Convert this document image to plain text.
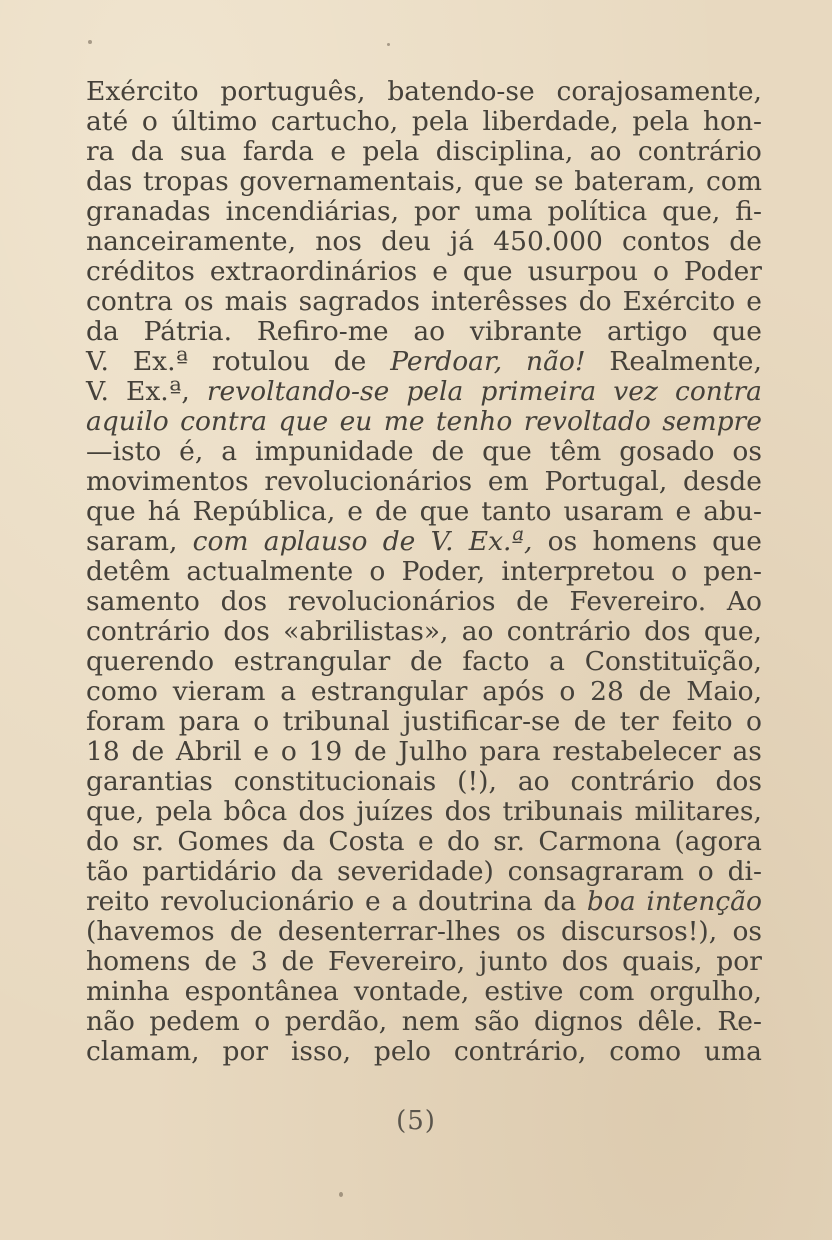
Exército português, batendo-se corajosamente,
até o último cartucho, pela liberdade, pela hon-
ra da sua farda e pela disciplina, ao contrário
das tropas governamentais, que se bateram, com
granadas incendiárias, por uma política que, fi-
nanceiramente, nos deu já 450.000 contos de
créditos extraordinários e que usurpou o Poder
contra os mais sagrados interêsses do Exército e
da Pátria. Refiro-me ao vibrante artigo que
V. Ex.ª rotulou de Perdoar, não! Realmente,
V. Ex.ª, revoltando-se pela primeira vez contra
aquilo contra que eu me tenho revoltado sempre
—isto é, a impunidade de que têm gosado os
movimentos revolucionários em Portugal, desde
que há República, e de que tanto usaram e abu-
saram, com aplauso de V. Ex.ª, os homens que
detêm actualmente o Poder, interpretou o pen-
samento dos revolucionários de Fevereiro. Ao
contrário dos «abrilistas», ao contrário dos que,
querendo estrangular de facto a Constituïção,
como vieram a estrangular após o 28 de Maio,
foram para o tribunal justificar-se de ter feito o
18 de Abril e o 19 de Julho para restabelecer as
garantias constitucionais (!), ao contrário dos
que, pela bôca dos juízes dos tribunais militares,
do sr. Gomes da Costa e do sr. Carmona (agora
tão partidário da severidade) consagraram o di-
reito revolucionário e a doutrina da boa intenção
(havemos de desenterrar-lhes os discursos!), os
homens de 3 de Fevereiro, junto dos quais, por
minha espontânea vontade, estive com orgulho,
não pedem o perdão, nem são dignos dêle. Re-
clamam, por isso, pelo contrário, como uma
(5)
